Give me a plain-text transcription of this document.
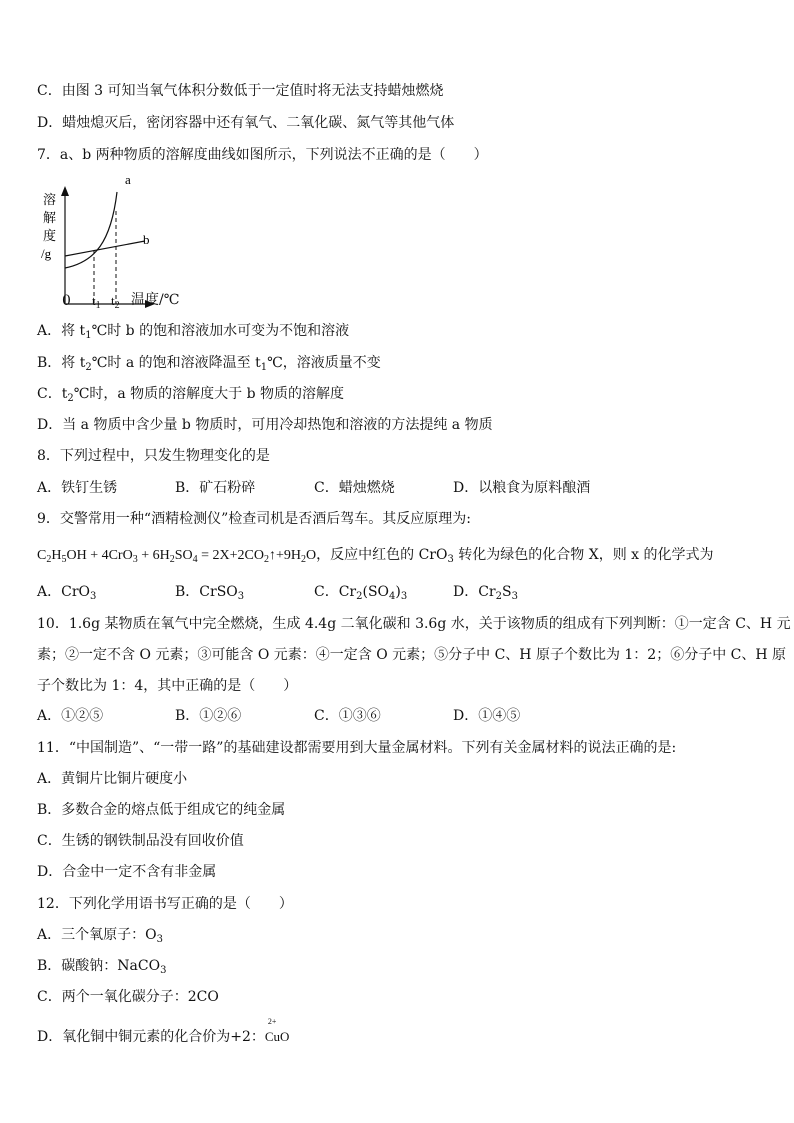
C．由图 3 可知当氧气体积分数低于一定值时将无法支持蜡烛燃烧
D．蜡烛熄灭后，密闭容器中还有氧气、二氧化碳、氮气等其他气体
7．a、b 两种物质的溶解度曲线如图所示，下列说法不正确的是（　　）
溶
解
度
/g
a
b
0 $t_1$ $t_2$ 温度/℃
A．将 $t_1℃$时 b 的饱和溶液加水可变为不饱和溶液
B．将 $t_2℃$时 a 的饱和溶液降温至 $t_1℃$，溶液质量不变
C．$t_2℃$时，a 物质的溶解度大于 b 物质的溶解度
D．当 a 物质中含少量 b 物质时，可用冷却热饱和溶液的方法提纯 a 物质
8．下列过程中，只发生物理变化的是
A．铁钉生锈	B．矿石粉碎	C．蜡烛燃烧	D．以粮食为原料酿酒
9．交警常用一种“酒精检测仪”检查司机是否酒后驾车。其反应原理为:
$C_2H_5OH + 4CrO_3 + 6H_2SO_4$ = $2X+2CO_2↑+9H_2O$，反应中红色的 CrO$_3$ 转化为绿色的化合物 X，则 x 的化学式为
A．CrO$_3$	B．CrSO$_3$	C．$Cr_2(SO_4)_3$	D．$Cr_2S_3$
10．1.6g 某物质在氧气中完全燃烧，生成 4.4g 二氧化碳和 3.6g 水，关于该物质的组成有下列判断：①一定含 C、H 元
素；②一定不含 O 元素；③可能含 O 元素：④一定含 O 元素；⑤分子中 C、H 原子个数比为 1：2；⑥分子中 C、H 原
子个数比为 1：4，其中正确的是（　　）
A．①②⑤	B．①②⑥	C．①③⑥	D．①④⑤
11．“中国制造”、“一带一路”的基础建设都需要用到大量金属材料。下列有关金属材料的说法正确的是:
A．黄铜片比铜片硬度小
B．多数合金的熔点低于组成它的纯金属
C．生锈的钢铁制品没有回收价值
D．合金中一定不含有非金属
12．下列化学用语书写正确的是（　　）
A．三个氧原子：$O_3$
B．碳酸钠：NaCO$_3$
C．两个一氧化碳分子：2CO
D．氧化铜中铜元素的化合价为+2：
2+
CuO
